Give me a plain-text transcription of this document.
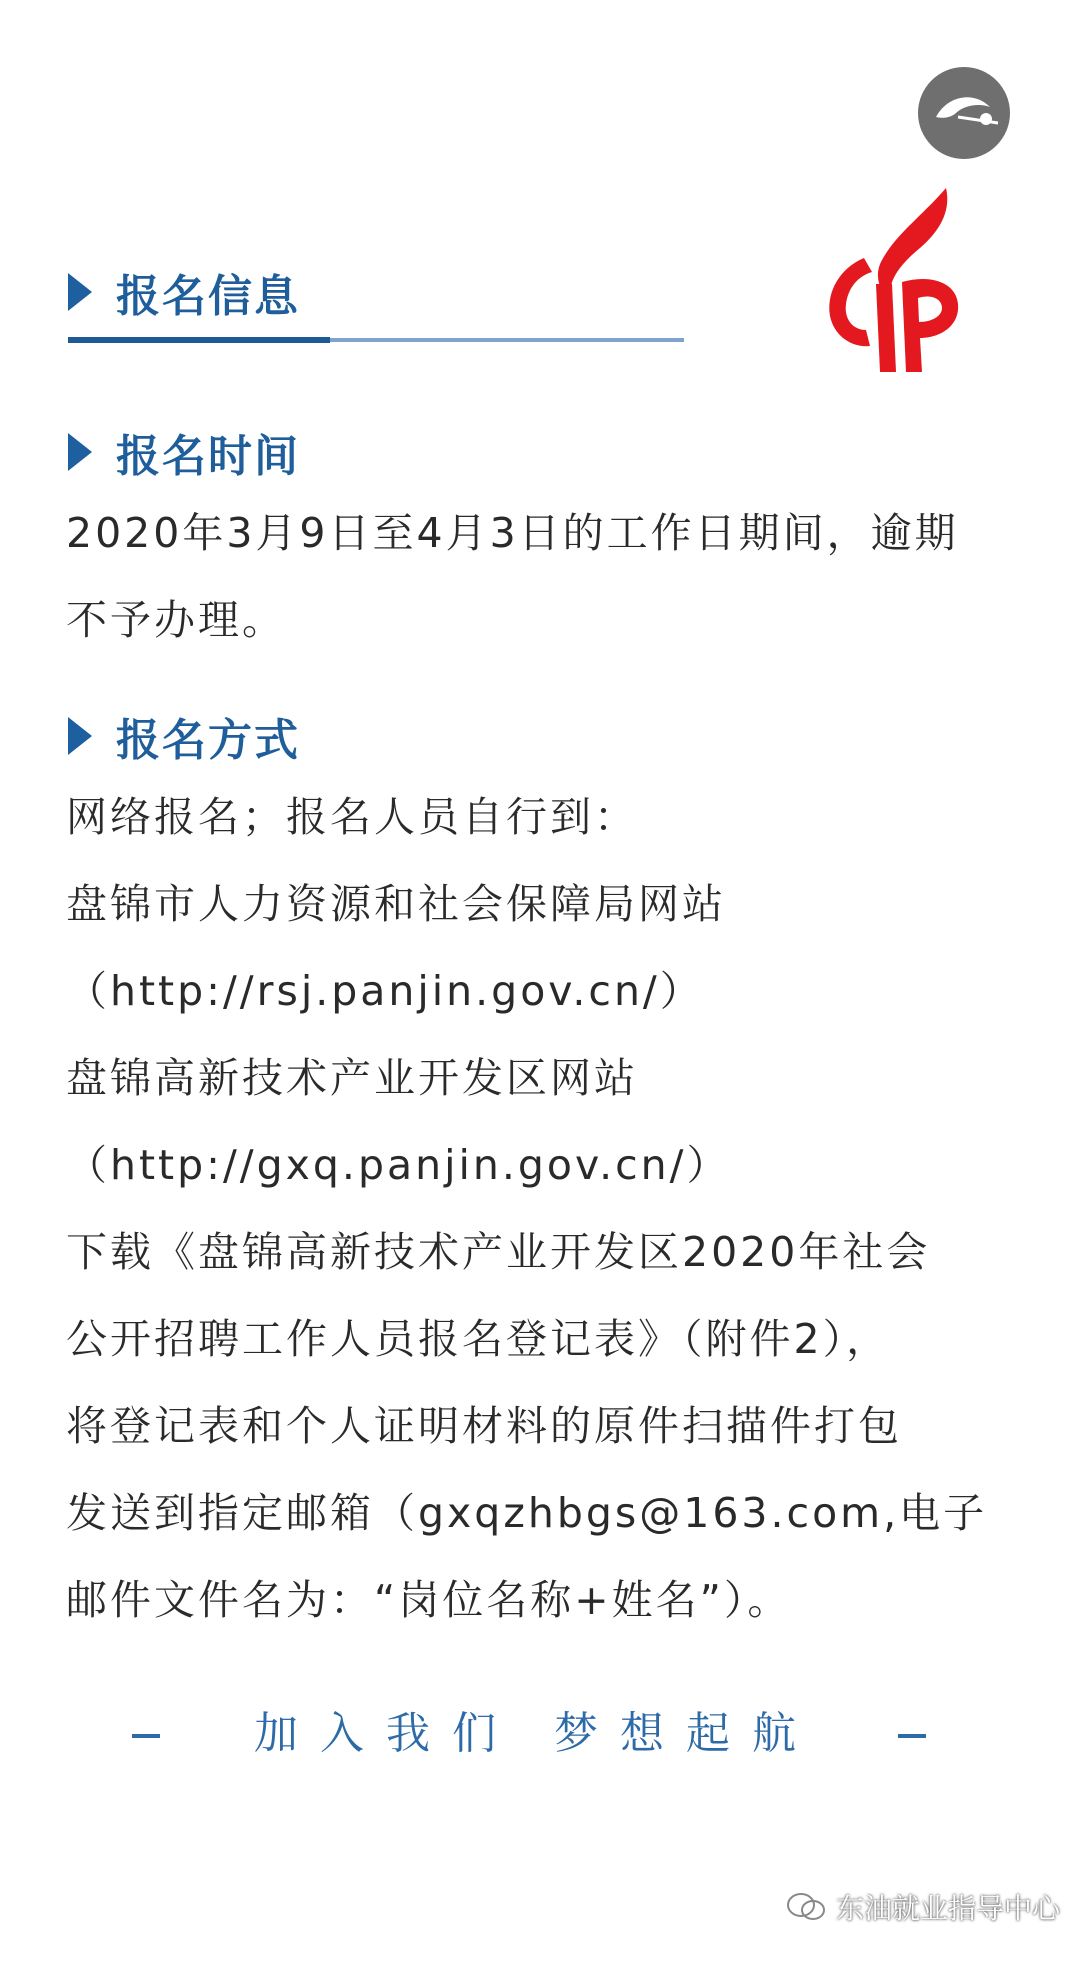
报名信息
报名时间
2020年3月9日至4月3日的工作日期间，逾期
不予办理。
报名方式
网络报名；报名人员自行到：
盘锦市人力资源和社会保障局网站
（http://rsj.panjin.gov.cn/）
盘锦高新技术产业开发区网站
（http://gxq.panjin.gov.cn/）
下载《盘锦高新技术产业开发区2020年社会
公开招聘工作人员报名登记表》（附件2），
将登记表和个人证明材料的原件扫描件打包
发送到指定邮箱（gxqzhbgs@163.com,电子
邮件文件名为：“岗位名称+姓名”）。
加入我们 梦想起航
东油就业指导中心
